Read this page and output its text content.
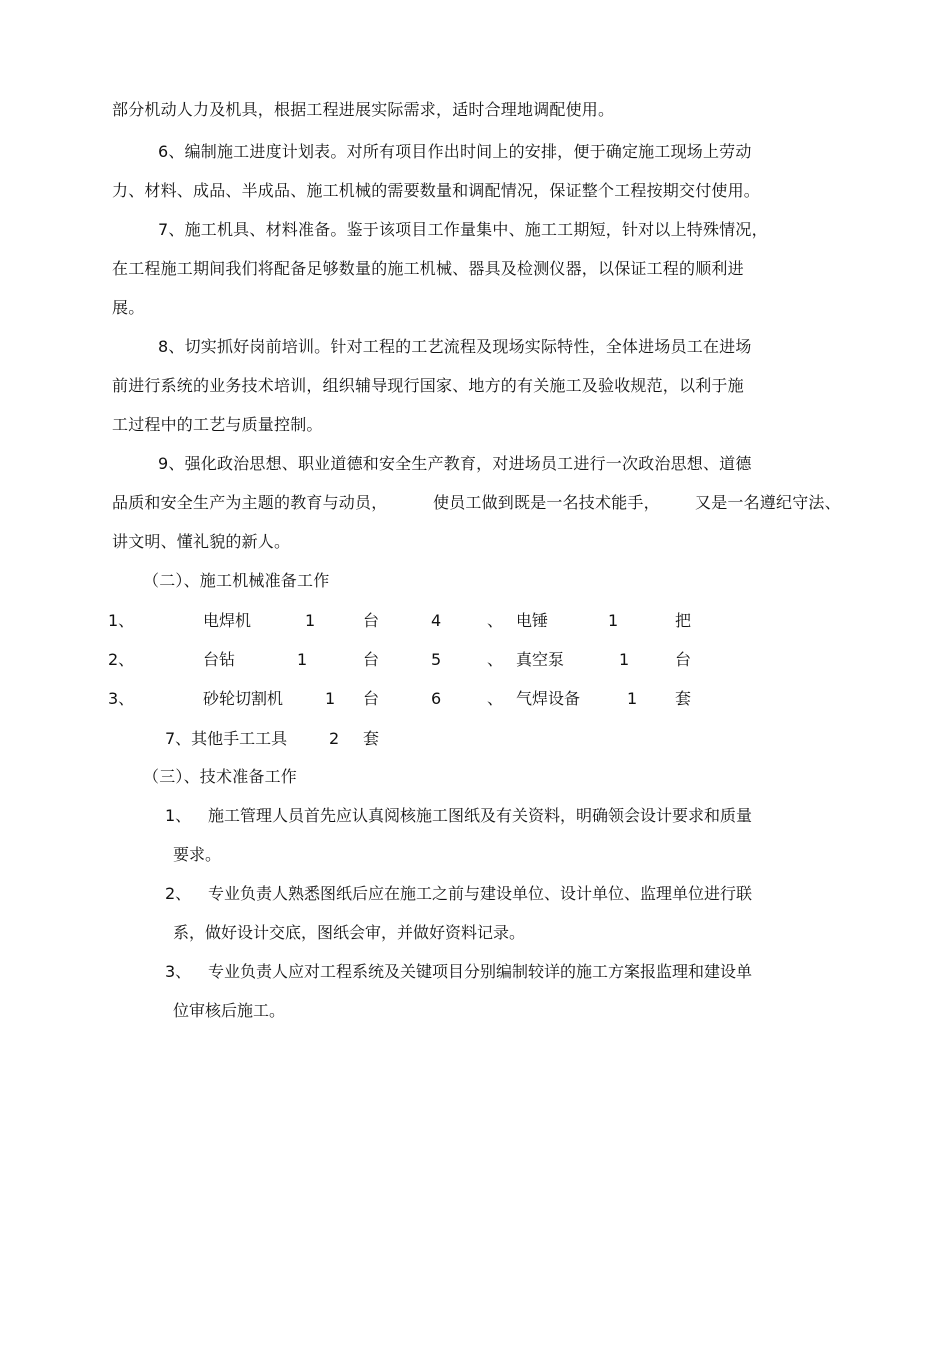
部分机动人力及机具，根据工程进展实际需求，适时合理地调配使用。
6、编制施工进度计划表。对所有项目作出时间上的安排，便于确定施工现场上劳动
力、材料、成品、半成品、施工机械的需要数量和调配情况，保证整个工程按期交付使用。
7、施工机具、材料准备。鉴于该项目工作量集中、施工工期短，针对以上特殊情况，
在工程施工期间我们将配备足够数量的施工机械、器具及检测仪器，以保证工程的顺利进
展。
8、切实抓好岗前培训。针对工程的工艺流程及现场实际特性，全体进场员工在进场
前进行系统的业务技术培训，组织辅导现行国家、地方的有关施工及验收规范，以利于施
工过程中的工艺与质量控制。
9、强化政治思想、职业道德和安全生产教育，对进场员工进行一次政治思想、道德
品质和安全生产为主题的教育与动员，	使员工做到既是一名技术能手， 又是一名遵纪守法、
讲文明、懂礼貌的新人。
（二）、施工机械准备工作
1、	电焊机	1	台	4	、 电锤	1	把
2、	台钻	1	台	5	、 真空泵	1	台
3、	砂轮切割机	1 台	6	、 气焊设备	1 套
7、其他手工工具	2 套
（三）、技术准备工作
1、 施工管理人员首先应认真阅核施工图纸及有关资料，明确领会设计要求和质量
要求。
2、 专业负责人熟悉图纸后应在施工之前与建设单位、设计单位、监理单位进行联
系，做好设计交底，图纸会审，并做好资料记录。
3、 专业负责人应对工程系统及关键项目分别编制较详的施工方案报监理和建设单
位审核后施工。
